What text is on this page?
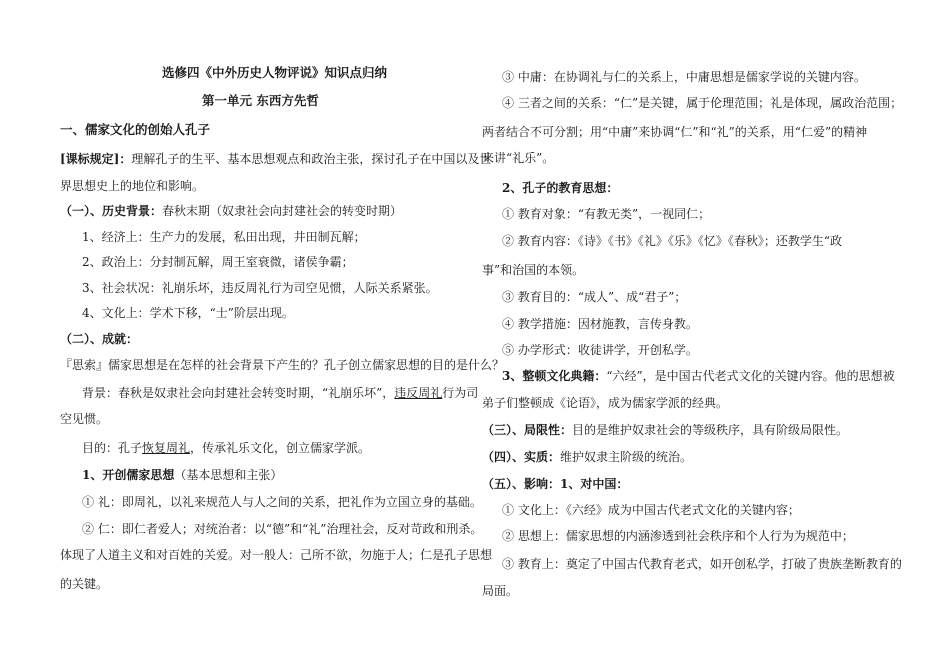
选修四《中外历史人物评说》知识点归纳
第一单元 东西方先哲
一、儒家文化的创始人孔子
[课标规定]：理解孔子的生平、基本思想观点和政治主张，探讨孔子在中国以及世
界思想史上的地位和影响。
（一）、历史背景：春秋末期（奴隶社会向封建社会的转变时期）
1、经济上：生产力的发展，私田出现，井田制瓦解；
2、政治上：分封制瓦解，周王室衰微，诸侯争霸；
3、社会状况：礼崩乐坏，违反周礼行为司空见惯，人际关系紧张。
4、文化上：学术下移，“士”阶层出现。
（二）、成就：
『思索』儒家思想是在怎样的社会背景下产生的？孔子创立儒家思想的目的是什么？
背景：春秋是奴隶社会向封建社会转变时期，“礼崩乐坏”，违反周礼行为司
空见惯。
目的：孔子恢复周礼，传承礼乐文化，创立儒家学派。
1、开创儒家思想（基本思想和主张）
① 礼：即周礼，以礼来规范人与人之间的关系，把礼作为立国立身的基础。
② 仁：即仁者爱人；对统治者：以“德”和“礼”治理社会，反对苛政和刑杀。
体现了人道主义和对百姓的关爱。对一般人：己所不欲，勿施于人；仁是孔子思想
的关键。
③ 中庸：在协调礼与仁的关系上，中庸思想是儒家学说的关键内容。
④ 三者之间的关系：“仁”是关键，属于伦理范围；礼是体现，属政治范围；
两者结合不可分割；用“中庸”来协调“仁”和“礼”的关系，用“仁爱”的精神
来讲“礼乐”。
2、孔子的教育思想：
① 教育对象：“有教无类”，一视同仁；
② 教育内容：《诗》《书》《礼》《乐》《忆》《春秋》；还教学生“政
事”和治国的本领。
③ 教育目的：“成人”、成“君子”；
④ 教学措施：因材施教，言传身教。
⑤ 办学形式：收徒讲学，开创私学。
3、整顿文化典籍：“六经”，是中国古代老式文化的关键内容。他的思想被
弟子们整顿成《论语》，成为儒家学派的经典。
（三）、局限性：目的是维护奴隶社会的等级秩序，具有阶级局限性。
（四）、实质：维护奴隶主阶级的统治。
（五）、影响：1、对中国：
① 文化上：《六经》成为中国古代老式文化的关键内容；
② 思想上：儒家思想的内涵渗透到社会秩序和个人行为为规范中；
③ 教育上：奠定了中国古代教育老式，如开创私学，打破了贵族垄断教育的
局面。
